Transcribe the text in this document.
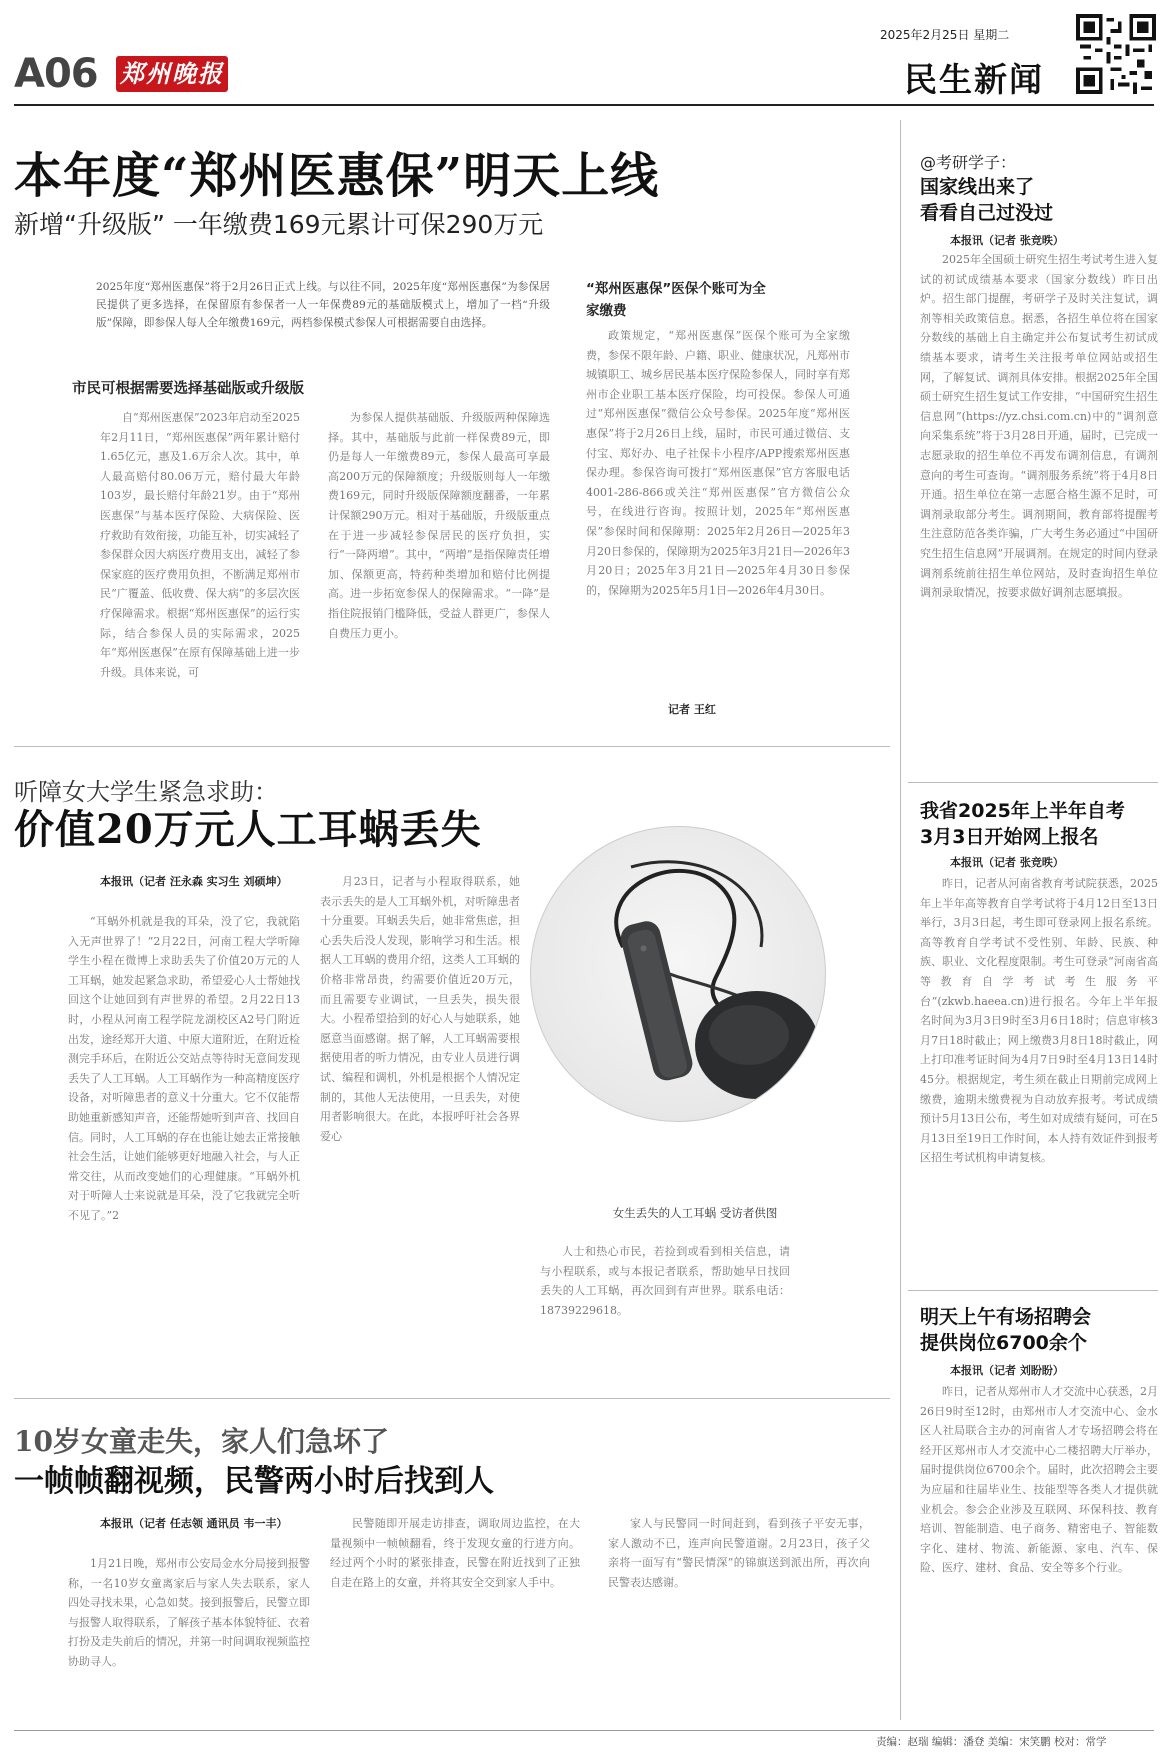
A06 郑州晚报
2025年2月25日 星期二
民生新闻
本年度“郑州医惠保”明天上线
新增“升级版” 一年缴费169元累计可保290万元
2025年度“郑州医惠保”将于2月26日正式上线。与以往不同，2025年度“郑州医惠保”为参保居民提供了更多选择，在保留原有参保者一人一年保费89元的基础版模式上，增加了一档“升级版”保障，即参保人每人全年缴费169元，两档参保模式参保人可根据需要自由选择。
市民可根据需要选择基础版或升级版
自“郑州医惠保”2023年启动至2025年2月11日，“郑州医惠保”两年累计赔付1.65亿元，惠及1.6万余人次。其中，单人最高赔付80.06万元，赔付最大年龄103岁，最长赔付年龄21岁。由于“郑州医惠保”与基本医疗保险、大病保险、医疗救助有效衔接，功能互补，切实减轻了参保群众因大病医疗费用支出，减轻了参保家庭的医疗费用负担，不断满足郑州市民“广覆盖、低收费、保大病”的多层次医疗保障需求。根据“郑州医惠保”的运行实际，结合参保人员的实际需求，2025年“郑州医惠保”在原有保障基础上进一步升级。具体来说，可
为参保人提供基础版、升级版两种保障选择。其中，基础版与此前一样保费89元，即仍是每人一年缴费89元，参保人最高可享最高200万元的保障额度；升级版则每人一年缴费169元，同时升级版保障额度翻番，一年累计保额290万元。相对于基础版，升级版重点在于进一步减轻参保居民的医疗负担，实行“一降两增”。其中，“两增”是指保障责任增加、保额更高，特药种类增加和赔付比例提高。进一步拓宽参保人的保障需求。“一降”是指住院报销门槛降低，受益人群更广，参保人自费压力更小。
“郑州医惠保”医保个账可为全家缴费
政策规定，“郑州医惠保”医保个账可为全家缴费，参保不限年龄、户籍、职业、健康状况，凡郑州市城镇职工、城乡居民基本医疗保险参保人，同时享有郑州市企业职工基本医疗保险，均可投保。参保人可通过“郑州医惠保”微信公众号参保。2025年度“郑州医惠保”将于2月26日上线，届时，市民可通过微信、支付宝、郑好办、电子社保卡小程序/APP搜索郑州医惠保办理。参保咨询可拨打“郑州医惠保”官方客服电话4001-286-866或关注“郑州医惠保”官方微信公众号，在线进行咨询。按照计划，2025年“郑州医惠保”参保时间和保障期：2025年2月26日—2025年3月20日参保的，保障期为2025年3月21日—2026年3月20日；2025年3月21日—2025年4月30日参保的，保障期为2025年5月1日—2026年4月30日。
记者 王红
@考研学子：
国家线出来了
看看自己过没过
本报讯（记者 张竞昳）
2025年全国硕士研究生招生考试考生进入复试的初试成绩基本要求（国家分数线）昨日出炉。招生部门提醒，考研学子及时关注复试，调剂等相关政策信息。据悉，各招生单位将在国家分数线的基础上自主确定并公布复试考生初试成绩基本要求，请考生关注报考单位网站或招生网，了解复试、调剂具体安排。根据2025年全国硕士研究生招生复试工作安排，“中国研究生招生信息网”(https://yz.chsi.com.cn)中的“调剂意向采集系统”将于3月28日开通，届时，已完成一志愿录取的招生单位不再发布调剂信息，有调剂意向的考生可查询。“调剂服务系统”将于4月8日开通。招生单位在第一志愿合格生源不足时，可调剂录取部分考生。调剂期间，教育部将提醒考生注意防范各类诈骗，广大考生务必通过“中国研究生招生信息网”开展调剂。在规定的时间内登录调剂系统前往招生单位网站，及时查询招生单位调剂录取情况，按要求做好调剂志愿填报。
我省2025年上半年自考
3月3日开始网上报名
本报讯（记者 张竞昳）
昨日，记者从河南省教育考试院获悉，2025年上半年高等教育自学考试将于4月12日至13日举行，3月3日起，考生即可登录网上报名系统。高等教育自学考试不受性别、年龄、民族、种族、职业、文化程度限制。考生可登录“河南省高等教育自学考试考生服务平台”(zkwb.haeea.cn)进行报名。今年上半年报名时间为3月3日9时至3月6日18时；信息审核3月7日18时截止；网上缴费3月8日18时截止，网上打印准考证时间为4月7日9时至4月13日14时45分。根据规定，考生须在截止日期前完成网上缴费，逾期未缴费视为自动放弃报考。考试成绩预计5月13日公布，考生如对成绩有疑问，可在5月13日至19日工作时间，本人持有效证件到报考区招生考试机构申请复核。
明天上午有场招聘会
提供岗位6700余个
本报讯（记者 刘盼盼）
昨日，记者从郑州市人才交流中心获悉，2月26日9时至12时，由郑州市人才交流中心、金水区人社局联合主办的河南省人才专场招聘会将在经开区郑州市人才交流中心二楼招聘大厅举办，届时提供岗位6700余个。届时，此次招聘会主要为应届和往届毕业生、技能型等各类人才提供就业机会。参会企业涉及互联网、环保科技、教育培训、智能制造、电子商务、精密电子、智能数字化、建材、物流、新能源、家电、汽车、保险、医疗、建材、食品、安全等多个行业。
听障女大学生紧急求助：
价值20万元人工耳蜗丢失
本报讯（记者 汪永森 实习生 刘硕坤）
“耳蜗外机就是我的耳朵，没了它，我就陷入无声世界了！”2月22日，河南工程大学听障学生小程在微博上求助丢失了价值20万元的人工耳蜗，她发起紧急求助，希望爱心人士帮她找回这个让她回到有声世界的希望。2月22日13时，小程从河南工程学院龙湖校区A2号门附近出发，途经郑开大道、中原大道附近，在附近检测完手环后，在附近公交站点等待时无意间发现丢失了人工耳蜗。人工耳蜗作为一种高精度医疗设备，对听障患者的意义十分重大。它不仅能帮助她重新感知声音，还能帮她听到声音、找回自信。同时，人工耳蜗的存在也能让她去正常接触社会生活，让她们能够更好地融入社会，与人正常交往，从而改变她们的心理健康。“耳蜗外机对于听障人士来说就是耳朵，没了它我就完全听不见了。”2
月23日，记者与小程取得联系，她表示丢失的是人工耳蜗外机，对听障患者十分重要。耳蜗丢失后，她非常焦虑，担心丢失后没人发现，影响学习和生活。根据人工耳蜗的费用介绍，这类人工耳蜗的价格非常昂贵，约需要价值近20万元，而且需要专业调试，一旦丢失，损失很大。小程希望拾到的好心人与她联系，她愿意当面感谢。据了解，人工耳蜗需要根据使用者的听力情况，由专业人员进行调试、编程和调机，外机是根据个人情况定制的，其他人无法使用，一旦丢失，对使用者影响很大。在此，本报呼吁社会各界爱心
女生丢失的人工耳蜗 受访者供图
人士和热心市民，若捡到或看到相关信息，请与小程联系，或与本报记者联系，帮助她早日找回丢失的人工耳蜗，再次回到有声世界。联系电话：18739229618。
10岁女童走失，家人们急坏了
一帧帧翻视频，民警两小时后找到人
本报讯（记者 任志领 通讯员 韦一丰）
1月21日晚，郑州市公安局金水分局接到报警称，一名10岁女童离家后与家人失去联系，家人四处寻找未果，心急如焚。接到报警后，民警立即与报警人取得联系，了解孩子基本体貌特征、衣着打扮及走失前后的情况，并第一时间调取视频监控协助寻人。
民警随即开展走访排查，调取周边监控，在大量视频中一帧帧翻看，终于发现女童的行进方向。经过两个小时的紧张排查，民警在附近找到了正独自走在路上的女童，并将其安全交到家人手中。
家人与民警同一时间赶到，看到孩子平安无事，家人激动不已，连声向民警道谢。2月23日，孩子父亲将一面写有“警民情深”的锦旗送到派出所，再次向民警表达感谢。
责编：赵瑞 编辑：潘登 美编：宋笑鹏 校对：常学
